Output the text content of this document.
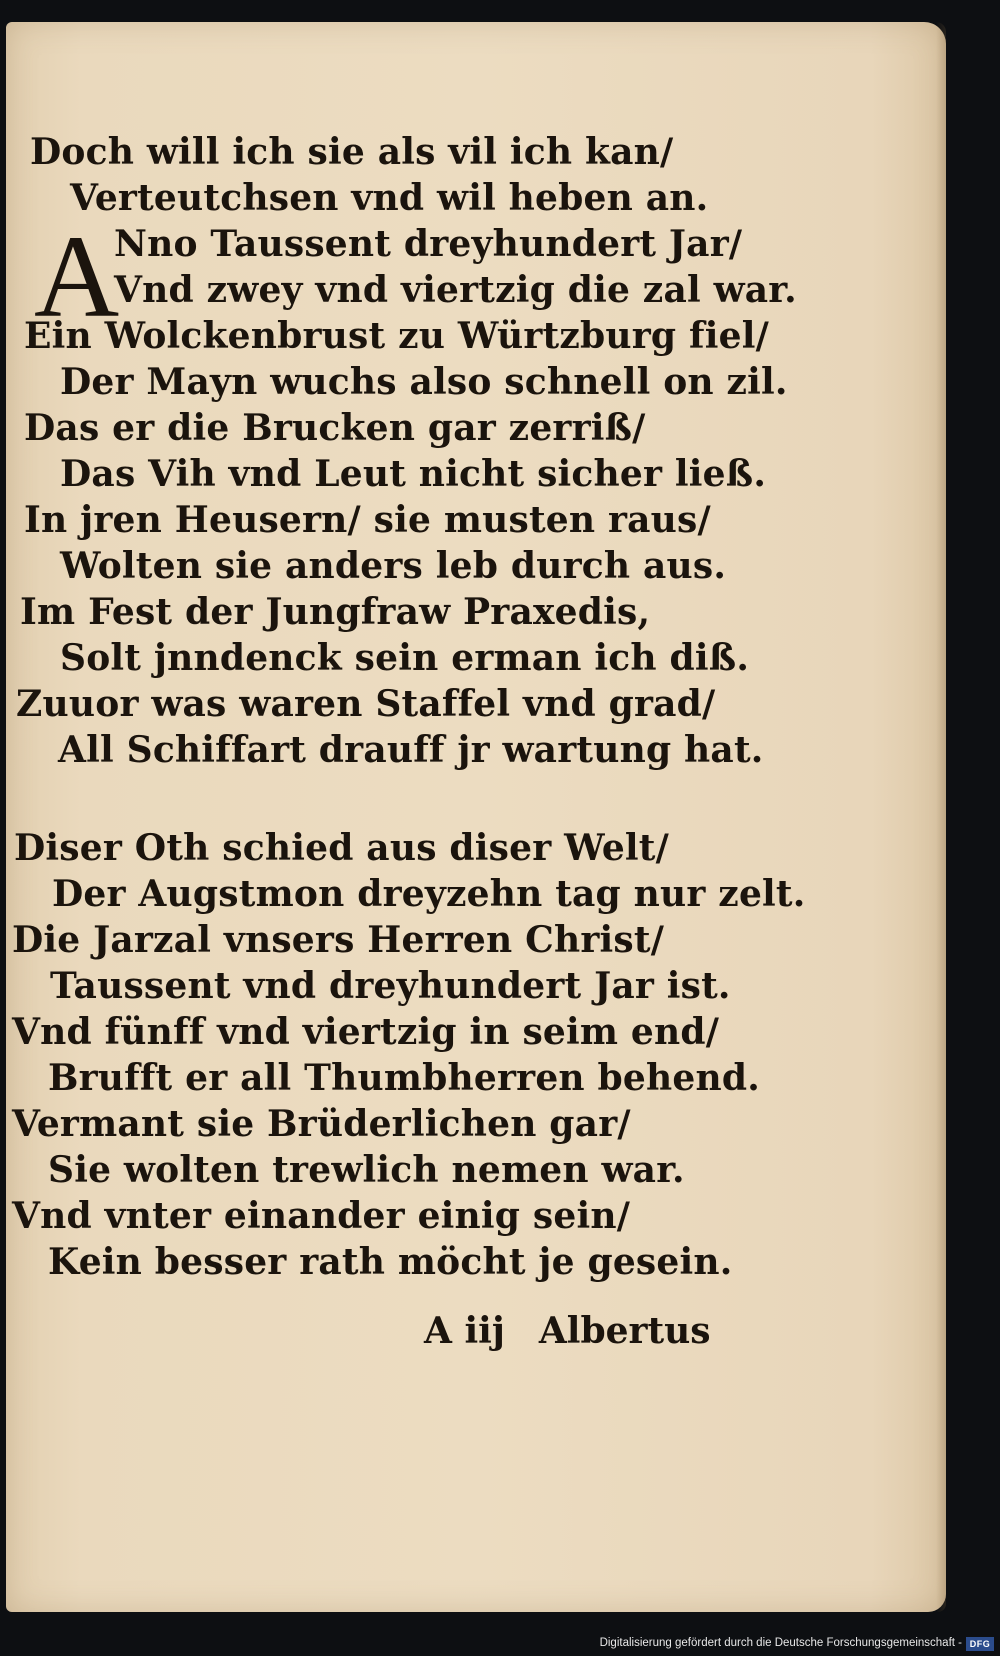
Doch will ich sie als vil ich kan/
Verteutchsen vnd wil heben an.
A
Nno Taussent dreyhundert Jar/
Vnd zwey vnd viertzig die zal war.
Ein Wolckenbrust zu Würtzburg fiel/
Der Mayn wuchs also schnell on zil.
Das er die Brucken gar zerriß/
Das Vih vnd Leut nicht sicher ließ.
In jren Heusern/ sie musten raus/
Wolten sie anders leb durch aus.
Im Fest der Jungfraw Praxedis,
Solt jnndenck sein erman ich diß.
Zuuor was waren Staffel vnd grad/
All Schiffart drauff jr wartung hat.
Diser Oth schied aus diser Welt/
Der Augstmon dreyzehn tag nur zelt.
Die Jarzal vnsers Herren Christ/
Taussent vnd dreyhundert Jar ist.
Vnd fünff vnd viertzig in seim end/
Brufft er all Thumbherren behend.
Vermant sie Brüderlichen gar/
Sie wolten trewlich nemen war.
Vnd vnter einander einig sein/
Kein besser rath möcht je gesein.
A iij Albertus
Digitalisierung gefördert durch die Deutsche Forschungsgemeinschaft - DFG
